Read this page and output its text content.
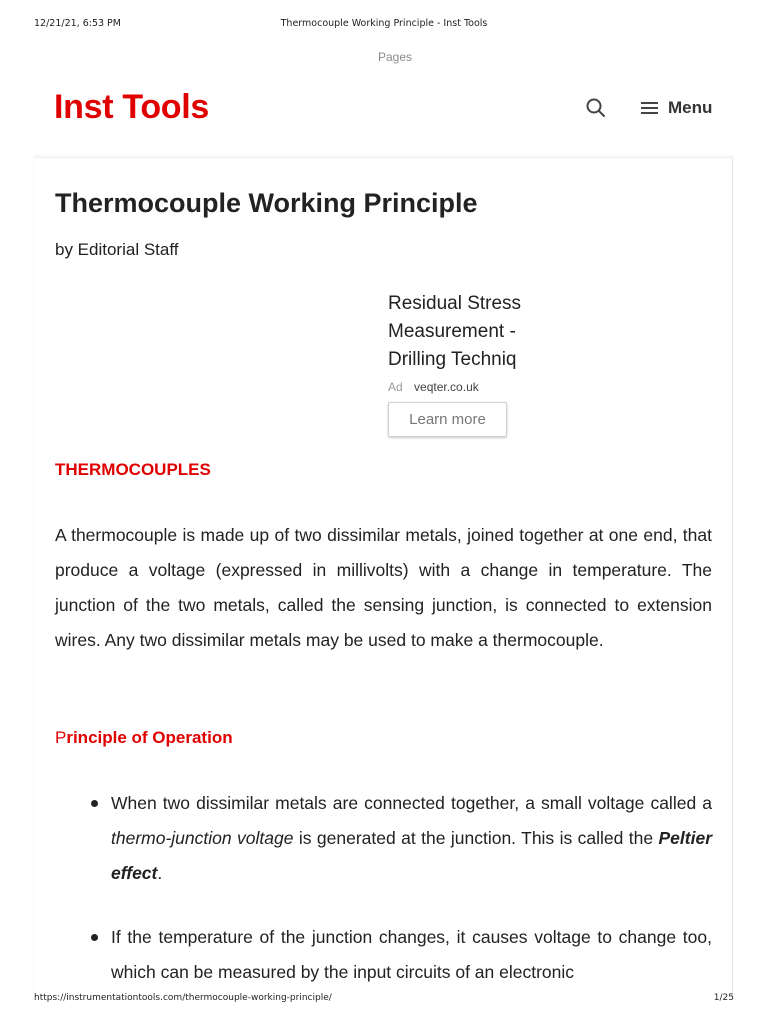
12/21/21, 6:53 PM	Thermocouple Working Principle - Inst Tools
Pages
Inst Tools	Menu
Thermocouple Working Principle
by Editorial Staff
Residual Stress
Measurement -
Drilling Techniq
Ad veqter.co.uk
Learn more
THERMOCOUPLES

A thermocouple is made up of two dissimilar metals, joined together at one end, that produce a voltage (expressed in millivolts) with a change in temperature. The junction of the two metals, called the sensing junction, is connected to extension wires. Any two dissimilar metals may be used to make a thermocouple.

Principle of Operation
When two dissimilar metals are connected together, a small voltage called a thermo-junction voltage is generated at the junction. This is called the Peltier effect.
If the temperature of the junction changes, it causes voltage to change too, which can be measured by the input circuits of an electronic
https://instrumentationtools.com/thermocouple-working-principle/	1/25
